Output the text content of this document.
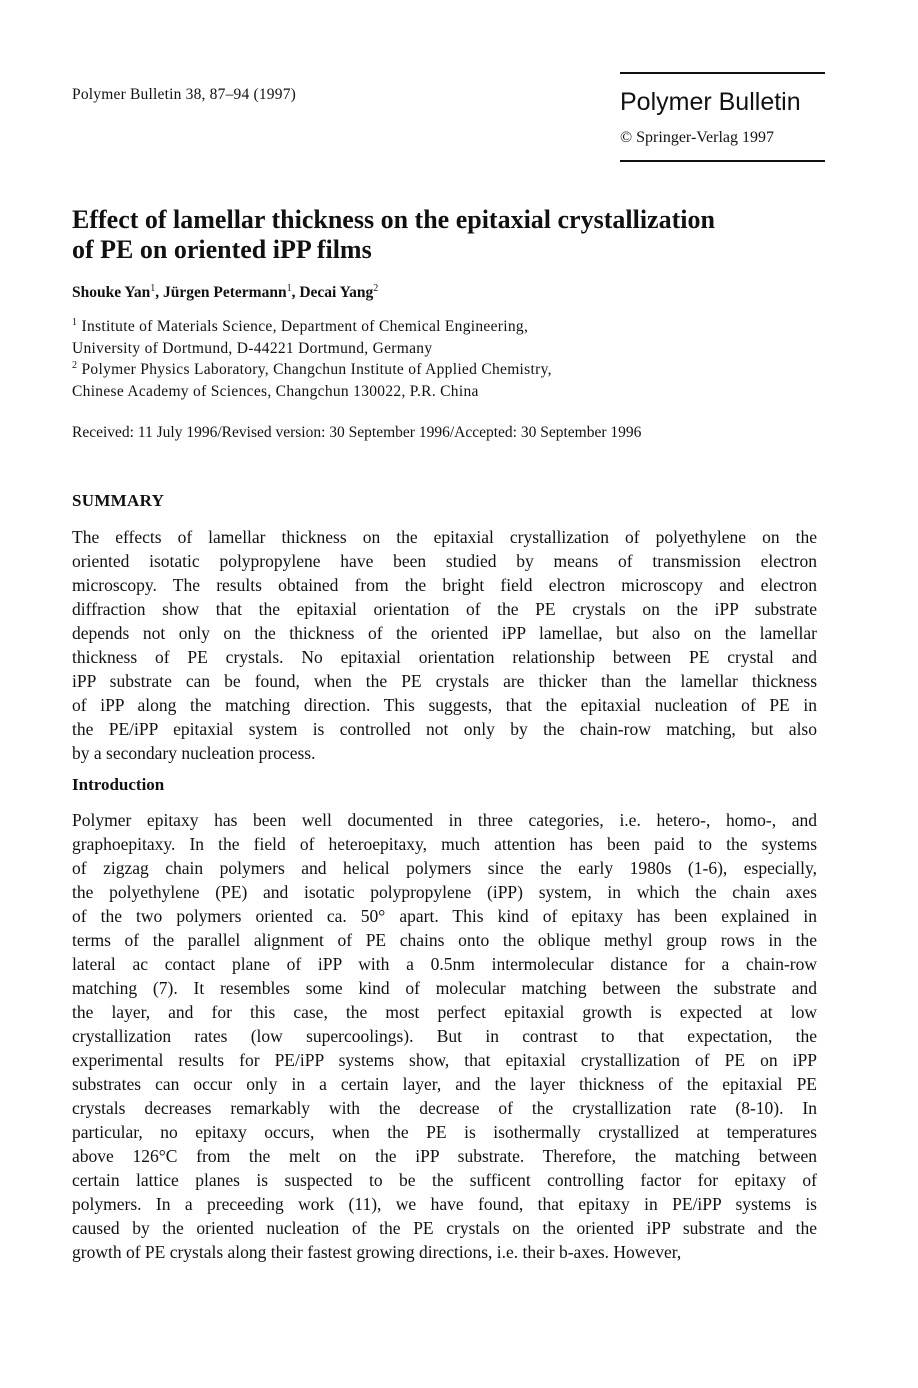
Polymer Bulletin 38, 87–94 (1997)	Polymer Bulletin
© Springer-Verlag 1997
Effect of lamellar thickness on the epitaxial crystallization
of PE on oriented iPP films
Shouke Yan$^1$, Jürgen Petermann$^1$, Decai Yang$^2$
$^1$ Institute of Materials Science, Department of Chemical Engineering,
University of Dortmund, D-44221 Dortmund, Germany
$^2$ Polymer Physics Laboratory, Changchun Institute of Applied Chemistry,
Chinese Academy of Sciences, Changchun 130022, P.R. China
Received: 11 July 1996/Revised version: 30 September 1996/Accepted: 30 September 1996
SUMMARY
The effects of lamellar thickness on the epitaxial crystallization of polyethylene on the
oriented isotatic polypropylene have been studied by means of transmission electron
microscopy. The results obtained from the bright field electron microscopy and electron
diffraction show that the epitaxial orientation of the PE crystals on the iPP substrate
depends not only on the thickness of the oriented iPP lamellae, but also on the lamellar
thickness of PE crystals. No epitaxial orientation relationship between PE crystal and
iPP substrate can be found, when the PE crystals are thicker than the lamellar thickness
of iPP along the matching direction. This suggests, that the epitaxial nucleation of PE in
the PE/iPP epitaxial system is controlled not only by the chain-row matching, but also
by a secondary nucleation process.
Introduction
Polymer epitaxy has been well documented in three categories, i.e. hetero-, homo-, and
graphoepitaxy. In the field of heteroepitaxy, much attention has been paid to the systems
of zigzag chain polymers and helical polymers since the early 1980s (1-6), especially,
the polyethylene (PE) and isotatic polypropylene (iPP) system, in which the chain axes
of the two polymers oriented ca. 50° apart. This kind of epitaxy has been explained in
terms of the parallel alignment of PE chains onto the oblique methyl group rows in the
lateral ac contact plane of iPP with a 0.5nm intermolecular distance for a chain-row
matching (7). It resembles some kind of molecular matching between the substrate and
the layer, and for this case, the most perfect epitaxial growth is expected at low
crystallization rates (low supercoolings). But in contrast to that expectation, the
experimental results for PE/iPP systems show, that epitaxial crystallization of PE on iPP
substrates can occur only in a certain layer, and the layer thickness of the epitaxial PE
crystals decreases remarkably with the decrease of the crystallization rate (8-10). In
particular, no epitaxy occurs, when the PE is isothermally crystallized at temperatures
above 126°C from the melt on the iPP substrate. Therefore, the matching between
certain lattice planes is suspected to be the sufficent controlling factor for epitaxy of
polymers. In a preceeding work (11), we have found, that epitaxy in PE/iPP systems is
caused by the oriented nucleation of the PE crystals on the oriented iPP substrate and the
growth of PE crystals along their fastest growing directions, i.e. their b-axes. However,
